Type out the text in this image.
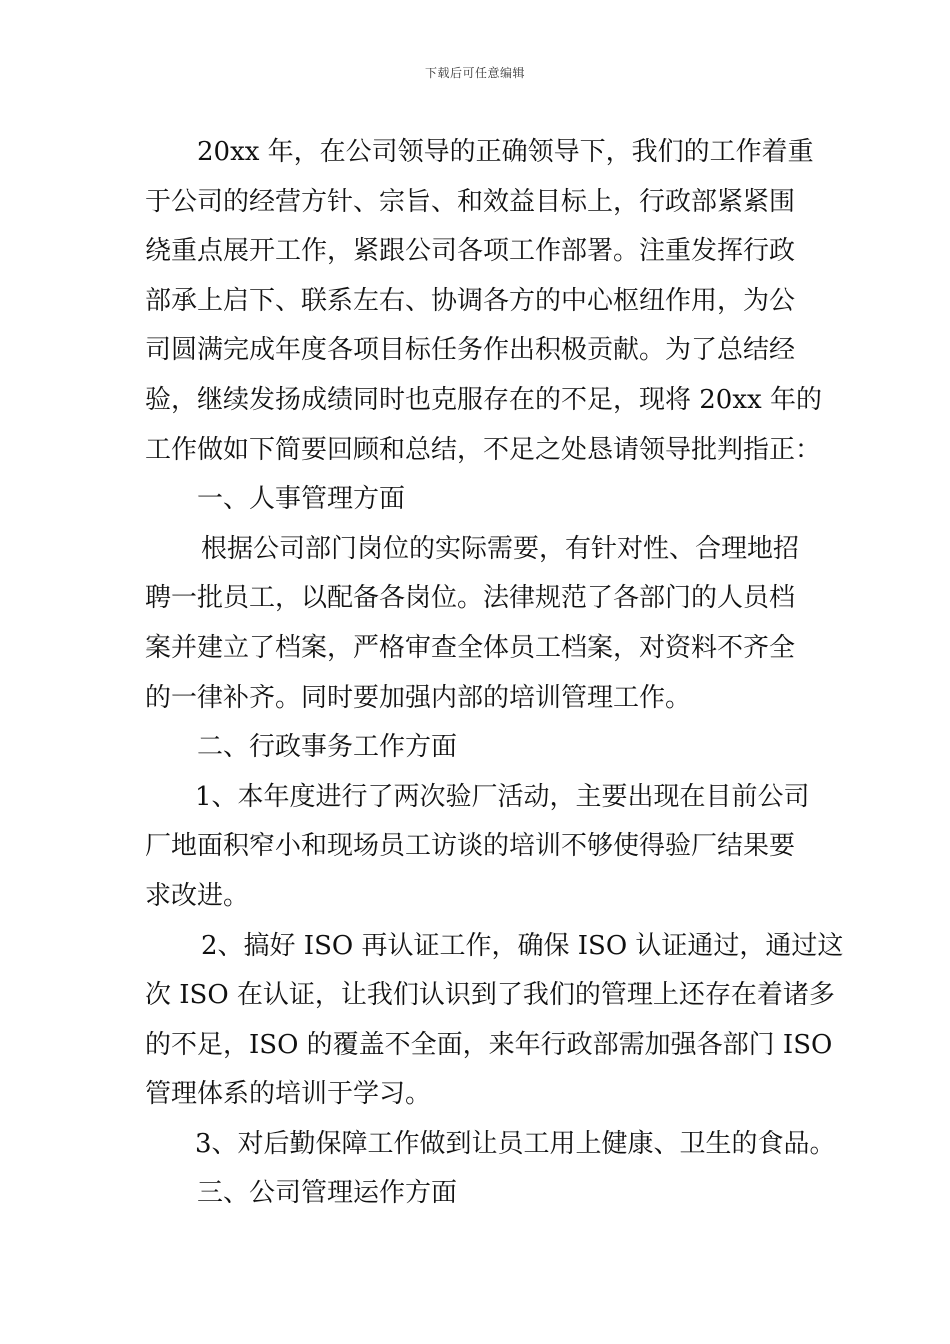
下载后可任意编辑
20xx 年，在公司领导的正确领导下，我们的工作着重
于公司的经营方针、宗旨、和效益目标上，行政部紧紧围
绕重点展开工作，紧跟公司各项工作部署。注重发挥行政
部承上启下、联系左右、协调各方的中心枢纽作用，为公
司圆满完成年度各项目标任务作出积极贡献。为了总结经
验，继续发扬成绩同时也克服存在的不足，现将 20xx 年的
工作做如下简要回顾和总结，不足之处恳请领导批判指正：
一、人事管理方面
根据公司部门岗位的实际需要，有针对性、合理地招
聘一批员工，以配备各岗位。法律规范了各部门的人员档
案并建立了档案，严格审查全体员工档案，对资料不齐全
的一律补齐。同时要加强内部的培训管理工作。
二、行政事务工作方面
1、本年度进行了两次验厂活动，主要出现在目前公司
厂地面积窄小和现场员工访谈的培训不够使得验厂结果要
求改进。
2、搞好 ISO 再认证工作，确保 ISO 认证通过，通过这
次 ISO 在认证，让我们认识到了我们的管理上还存在着诸多
的不足，ISO 的覆盖不全面，来年行政部需加强各部门 ISO
管理体系的培训于学习。
3、对后勤保障工作做到让员工用上健康、卫生的食品。
三、公司管理运作方面
